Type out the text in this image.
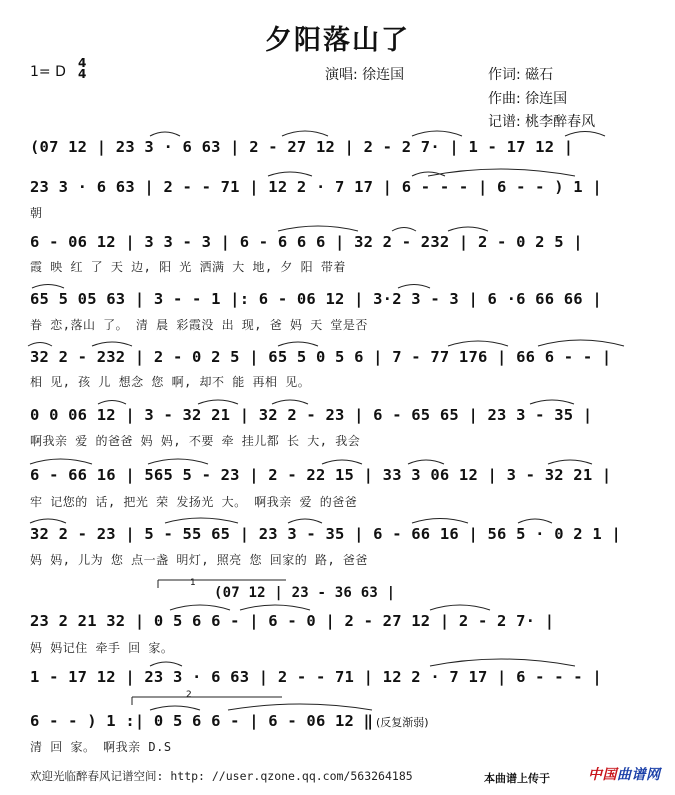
夕阳落山了
1= D
4
4	演唱: 徐连国	作词: 磁石
作曲: 徐连国
记谱: 桃李醉春风
(07 12 | 23 3 · 6 63 | 2 - 27 12 | 2 - 2 7· | 1 - 17 12 |
23 3 · 6 63 | 2 - - 71 | 12 2 · 7 17 | 6 - - - | 6 - - ) 1 |
朝
6 - 06 12 | 3 3 - 3 | 6 - 6 6 6 | 32 2 - 232 | 2 - 0 2 5 |
霞 映 红 了 天 边, 阳 光 洒满 大 地, 夕 阳 带着
65 5 05 63 | 3 - - 1 |: 6 - 06 12 | 3·2 3 - 3 | 6 ·6 66 66 |
眷 恋,落山 了。 清 晨 彩霞没 出 现, 爸 妈 天 堂是否
32 2 - 232 | 2 - 0 2 5 | 65 5 0 5 6 | 7 - 77 176 | 66 6 - - |
相 见, 孩 儿 想念 您 啊, 却不 能 再相 见。
0 0 06 12 | 3 - 32 21 | 32 2 - 23 | 6 - 65 65 | 23 3 - 35 |
啊我亲 爱 的爸爸 妈 妈, 不要 牵 挂儿都 长 大, 我会
6 - 66 16 | 565 5 - 23 | 2 - 22 15 | 33 3 06 12 | 3 - 32 21 |
牢 记您的 话, 把光 荣 发扬光 大。 啊我亲 爱 的爸爸
32 2 - 23 | 5 - 55 65 | 23 3 - 35 | 6 - 66 16 | 56 5 · 0 2 1 |
妈 妈, 儿为 您 点一盏 明灯, 照亮 您 回家的 路, 爸爸
1
(07 12 | 23 - 36 63 |
23 2 21 32 | 0 5 6 6 - | 6 - 0 | 2 - 27 12 | 2 - 2 7· |
妈 妈记住 牵手 回 家。
1 - 17 12 | 23 3 · 6 63 | 2 - - 71 | 12 2 · 7 17 | 6 - - - |
2
6 - - ) 1 :| 0 5 6 6 - | 6 - 06 12 ‖ (反复渐弱)
清 回 家。 啊我亲 D.S
欢迎光临醉春风记谱空间: http: //user.qzone.qq.com/563264185	本曲谱上传于	中国曲谱网
